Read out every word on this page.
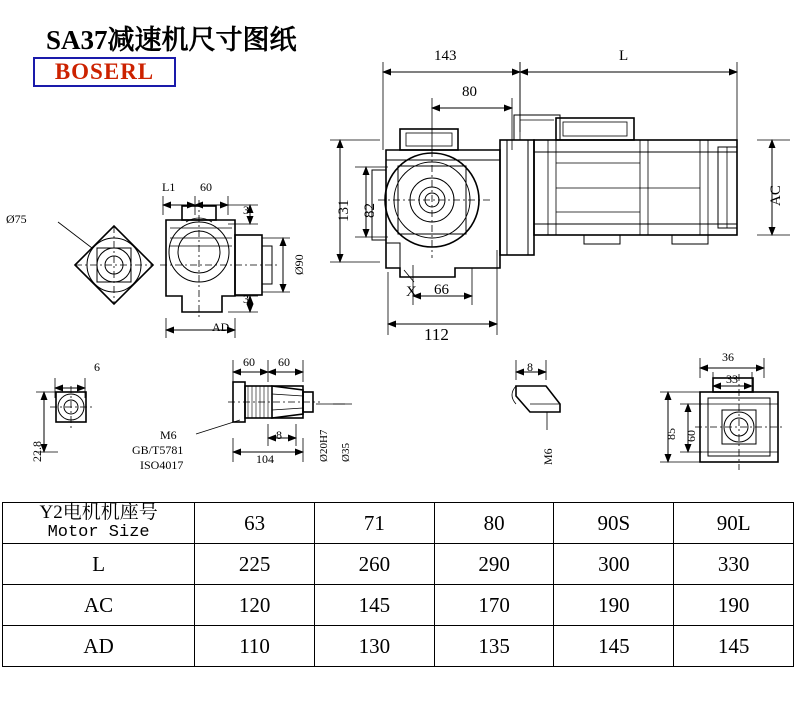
SA37减速机尺寸图纸
BOSERL
143	L
80
131 82
AC
X 66
112
L1 60
3
3
Ø90
Ø75
AD
6
22.8
60 60
M6
GB/T5781
ISO4017
8
104	Ø20H7 Ø35
8
M6
36
33
85 60
Y2电机机座号
Motor Size	63	71	80	90S	90L
L	225	260	290	300	330
AC	120	145	170	190	190
AD	110	130	135	145	145
